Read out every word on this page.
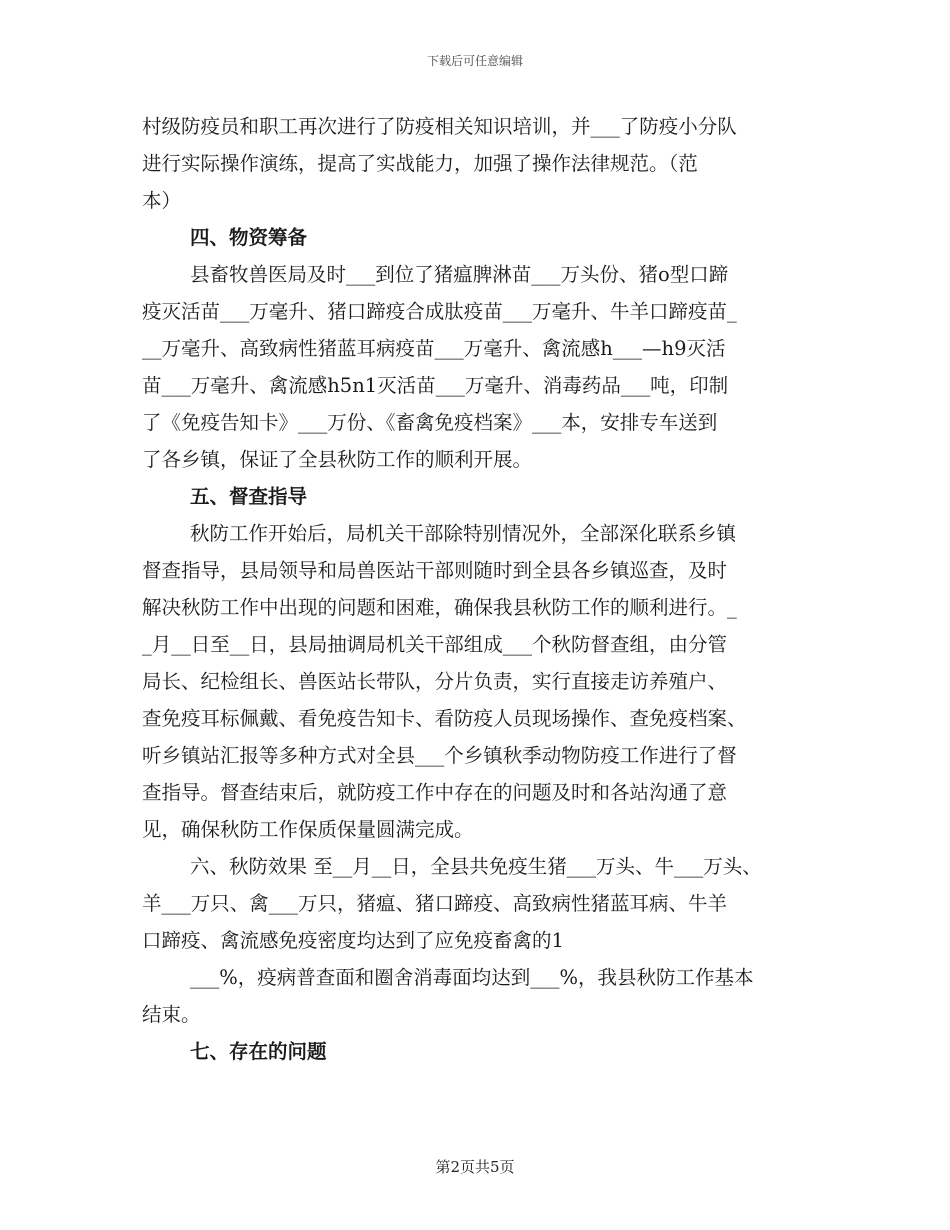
下载后可任意编辑
村级防疫员和职工再次进行了防疫相关知识培训，并___了防疫小分队
进行实际操作演练，提高了实战能力，加强了操作法律规范。（范
本）
四、物资筹备
县畜牧兽医局及时___到位了猪瘟脾淋苗___万头份、猪o型口蹄
疫灭活苗___万毫升、猪口蹄疫合成肽疫苗___万毫升、牛羊口蹄疫苗_
__万毫升、高致病性猪蓝耳病疫苗___万毫升、禽流感h___—h9灭活
苗___万毫升、禽流感h5n1灭活苗___万毫升、消毒药品___吨，印制
了《免疫告知卡》___万份、《畜禽免疫档案》___本，安排专车送到
了各乡镇，保证了全县秋防工作的顺利开展。
五、督查指导
秋防工作开始后，局机关干部除特别情况外，全部深化联系乡镇
督查指导，县局领导和局兽医站干部则随时到全县各乡镇巡查，及时
解决秋防工作中出现的问题和困难，确保我县秋防工作的顺利进行。_
_月__日至__日，县局抽调局机关干部组成___个秋防督查组，由分管
局长、纪检组长、兽医站长带队，分片负责，实行直接走访养殖户、
查免疫耳标佩戴、看免疫告知卡、看防疫人员现场操作、查免疫档案、
听乡镇站汇报等多种方式对全县___个乡镇秋季动物防疫工作进行了督
查指导。督查结束后，就防疫工作中存在的问题及时和各站沟通了意
见，确保秋防工作保质保量圆满完成。
六、秋防效果 至__月__日，全县共免疫生猪___万头、牛___万头、
羊___万只、禽___万只，猪瘟、猪口蹄疫、高致病性猪蓝耳病、牛羊
口蹄疫、禽流感免疫密度均达到了应免疫畜禽的1
___%，疫病普查面和圈舍消毒面均达到___%，我县秋防工作基本
结束。
七、存在的问题
第2页共5页
